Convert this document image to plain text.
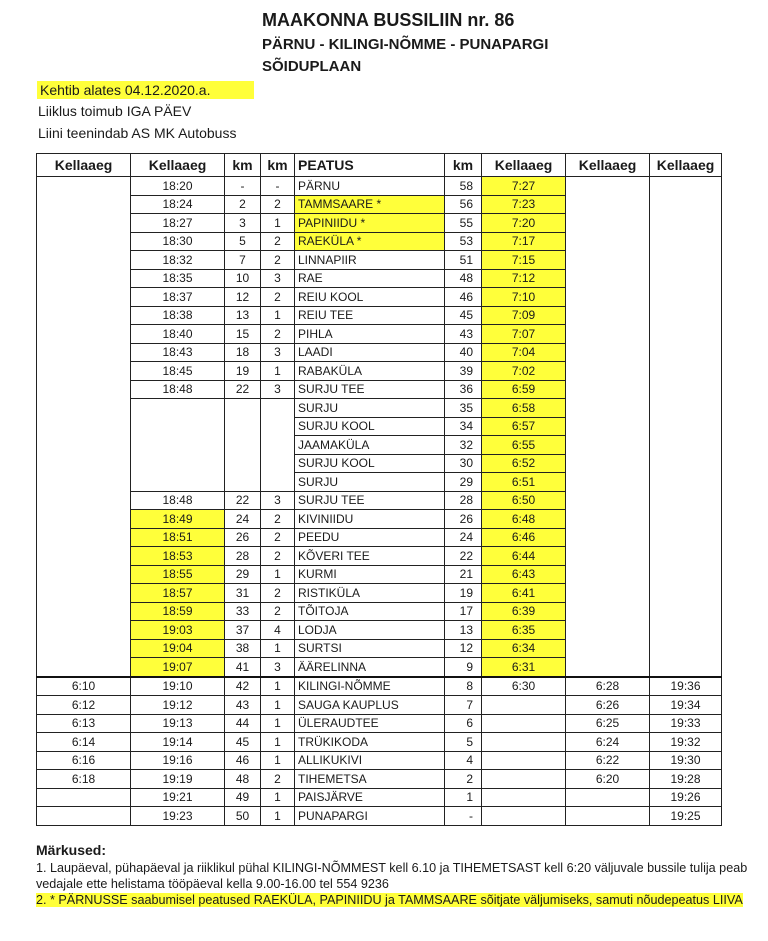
MAAKONNA BUSSILIIN nr. 86
PÄRNU - KILINGI-NÕMME - PUNAPARGI
SÕIDUPLAAN
Kehtib alates 04.12.2020.a.
Liiklus toimub IGA PÄEV
Liini teenindab AS MK Autobuss
Kellaaeg	Kellaaeg	km	km	PEATUS	km	Kellaaeg	Kellaaeg	Kellaaeg
	18:20	-	-	PÄRNU	58	7:27		
	18:24	2	2	TAMMSAARE *	56	7:23		
	18:27	3	1	PAPINIIDU *	55	7:20		
	18:30	5	2	RAEKÜLA *	53	7:17		
	18:32	7	2	LINNAPIIR	51	7:15		
	18:35	10	3	RAE	48	7:12		
	18:37	12	2	REIU KOOL	46	7:10		
	18:38	13	1	REIU TEE	45	7:09		
	18:40	15	2	PIHLA	43	7:07		
	18:43	18	3	LAADI	40	7:04		
	18:45	19	1	RABAKÜLA	39	7:02		
	18:48	22	3	SURJU TEE	36	6:59		
				SURJU	35	6:58		
				SURJU KOOL	34	6:57		
				JAAMAKÜLA	32	6:55		
				SURJU KOOL	30	6:52		
				SURJU	29	6:51		
	18:48	22	3	SURJU TEE	28	6:50		
	18:49	24	2	KIVINIIDU	26	6:48		
	18:51	26	2	PEEDU	24	6:46		
	18:53	28	2	KÕVERI TEE	22	6:44		
	18:55	29	1	KURMI	21	6:43		
	18:57	31	2	RISTIKÜLA	19	6:41		
	18:59	33	2	TÕITOJA	17	6:39		
	19:03	37	4	LODJA	13	6:35		
	19:04	38	1	SURTSI	12	6:34		
	19:07	41	3	ÄÄRELINNA	9	6:31		
6:10	19:10	42	1	KILINGI-NÕMME	8	6:30	6:28	19:36
6:12	19:12	43	1	SAUGA KAUPLUS	7		6:26	19:34
6:13	19:13	44	1	ÜLERAUDTEE	6		6:25	19:33
6:14	19:14	45	1	TRÜKIKODA	5		6:24	19:32
6:16	19:16	46	1	ALLIKUKIVI	4		6:22	19:30
6:18	19:19	48	2	TIHEMETSA	2		6:20	19:28
	19:21	49	1	PAISJÄRVE	1			19:26
	19:23	50	1	PUNAPARGI	-			19:25
Märkused:
1. Laupäeval, pühapäeval ja riiklikul pühal KILINGI-NÕMMEST kell 6.10 ja TIHEMETSAST kell 6:20 väljuvale bussile tulija peab vedajale ette helistama tööpäeval kella 9.00-16.00 tel 554 9236
2. * PÄRNUSSE saabumisel peatused RAEKÜLA, PAPINIIDU ja TAMMSAARE sõitjate väljumiseks, samuti nõudepeatus LIIVA
